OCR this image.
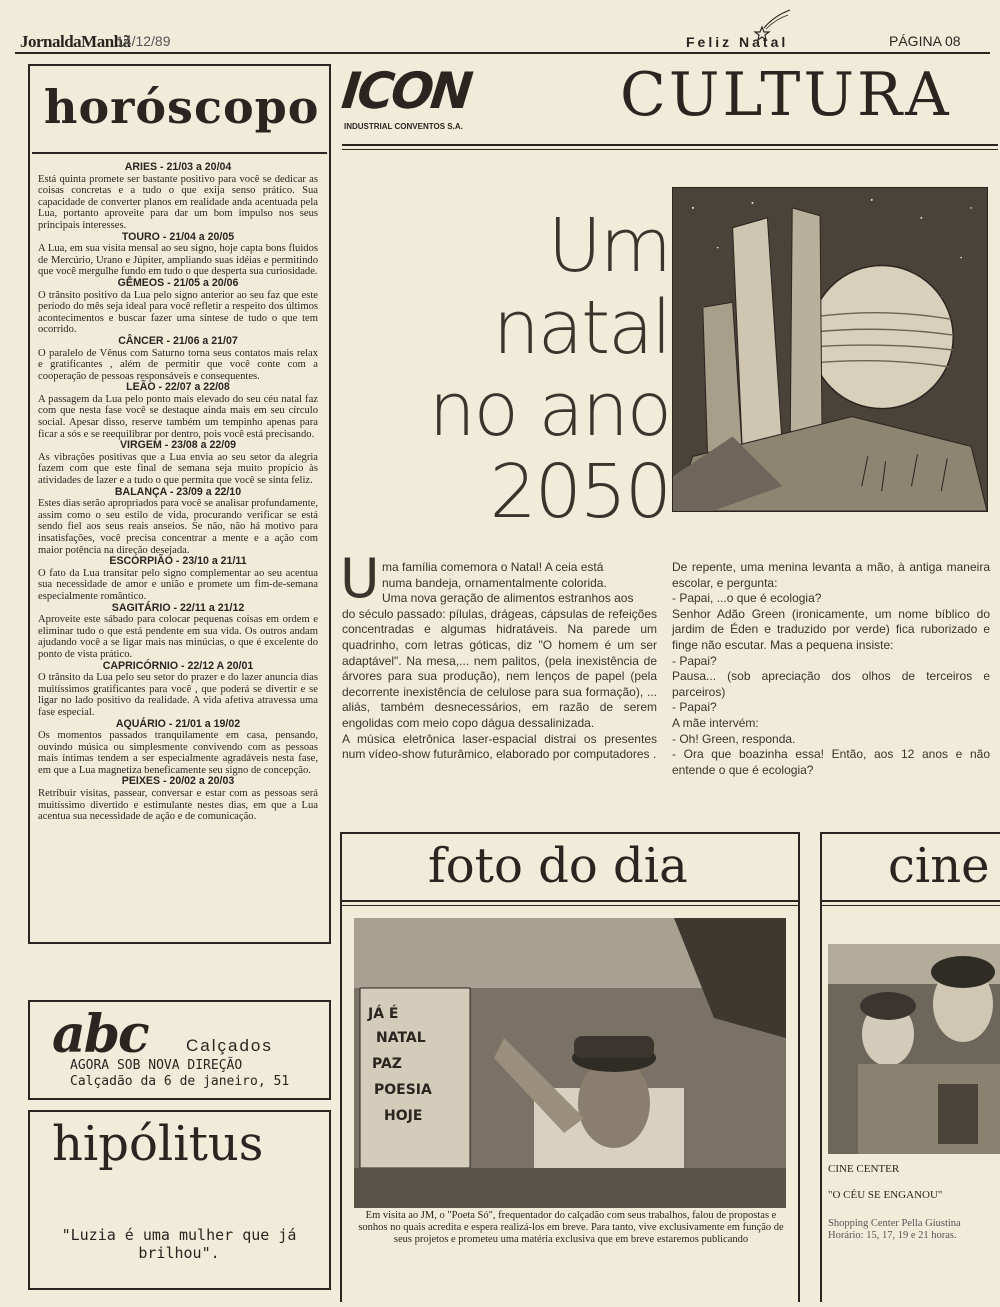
JornaldaManhã
14/12/89	Feliz Natal	PÁGINA 08
horóscopo
ÁRIES - 21/03 a 20/04
Está quinta promete ser bastante positivo para você se dedicar as coisas concretas e a tudo o que exija senso prático. Sua capacidade de converter planos em realidade anda acentuada pela Lua, portanto aproveite para dar um bom impulso nos seus principais interesses.
TOURO - 21/04 a 20/05
A Lua, em sua visita mensal ao seu signo, hoje capta bons fluidos de Mercúrio, Urano e Júpiter, ampliando suas idéias e permitindo que você mergulhe fundo em tudo o que desperta sua curiosidade.
GÊMEOS - 21/05 a 20/06
O trânsito positivo da Lua pelo signo anterior ao seu faz que este período do mês seja ideal para você refletir a respeito dos últimos acontecimentos e buscar fazer uma síntese de tudo o que tem ocorrido.
CÂNCER - 21/06 a 21/07
O paralelo de Vênus com Saturno torna seus contatos mais relax e gratificantes , além de permitir que você conte com a cooperação de pessoas responsáveis e consequentes.
LEÃO - 22/07 a 22/08
A passagem da Lua pelo ponto mais elevado do seu céu natal faz com que nesta fase você se destaque ainda mais em seu círculo social. Apesar disso, reserve também um tempinho apenas para ficar a sós e se reequilibrar por dentro, pois você está precisando.
VIRGEM - 23/08 a 22/09
As vibrações positivas que a Lua envia ao seu setor da alegria fazem com que este final de semana seja muito propício às atividades de lazer e a tudo o que permita que você se sinta feliz.
BALANÇA - 23/09 a 22/10
Estes dias serão apropriados para você se analisar profundamente, assim como o seu estilo de vida, procurando verificar se está sendo fiel aos seus reais anseios. Se não, não há motivo para insatisfações, você precisa concentrar a mente e a ação com maior potência na direção desejada.
ESCORPIÃO - 23/10 a 21/11
O fato da Lua transitar pelo signo complementar ao seu acentua sua necessidade de amor e união e promete um fim-de-semana especialmente romântico.
SAGITÁRIO - 22/11 a 21/12
Aproveite este sábado para colocar pequenas coisas em ordem e eliminar tudo o que está pendente em sua vida. Os outros andam ajudando você a se ligar mais nas minúcias, o que é excelente do ponto de vista prático.
CAPRICÓRNIO - 22/12 A 20/01
O trânsito da Lua pelo seu setor do prazer e do lazer anuncia dias muitíssimos gratificantes para você , que poderá se divertir e se ligar no lado positivo da realidade. A vida afetiva atravessa uma fase especial.
AQUÁRIO - 21/01 a 19/02
Os momentos passados tranquilamente em casa, pensando, ouvindo música ou simplesmente convivendo com as pessoas mais íntimas tendem a ser especialmente agradáveis nesta fase, em que a Lua magnetiza beneficamente seu signo de concepção.
PEIXES - 20/02 a 20/03
Retribuir visitas, passear, conversar e estar com as pessoas será muitíssimo divertido e estimulante nestes dias, em que a Lua acentua sua necessidade de ação e de comunicação.
abc Calçados
AGORA SOB NOVA DIREÇÃO
Calçadão da 6 de janeiro, 51
hipólitus
"Luzia é uma mulher que já brilhou".
ICON
INDUSTRIAL CONVENTOS S.A.	CULTURA
Um
natal
no ano
2050
U ma família comemora o Natal! A ceia está
numa bandeja, ornamentalmente colorida.
Uma nova geração de alimentos estranhos aos
do século passado: pílulas, drágeas, cápsulas de refeições concentradas e algumas hidratáveis. Na parede um quadrinho, com letras góticas, diz "O homem é um ser adaptável". Na mesa,... nem palitos, (pela inexistência de árvores para sua produção), nem lenços de papel (pela decorrente inexistência de celulose para sua formação), ... aliás, também desnecessários, em razão de serem engolidas com meio copo dágua dessalinizada.
A música eletrônica laser-espacial distrai os presentes num vídeo-show futurâmico, elaborado por computadores .
De repente, uma menina levanta a mão, à antiga maneira escolar, e pergunta:
- Papai, ...o que é ecologia?
Senhor Adão Green (ironicamente, um nome bíblico do jardim de Éden e traduzido por verde) fica ruborizado e finge não escutar. Mas a pequena insiste:
- Papai?
Pausa... (sob apreciação dos olhos de terceiros e parceiros)
- Papai?
A mãe intervém:
- Oh! Green, responda.
- Ora que boazinha essa! Então, aos 12 anos e não entende o que é ecologia?
foto do dia
JÁ É
NATAL
PAZ
POESIA
HOJE
Em visita ao JM, o "Poeta Só", frequentador do calçadão com seus trabalhos, falou de propostas e sonhos no quais acredita e espera realizá-los em breve. Para tanto, vive exclusivamente em função de seus projetos e prometeu uma matéria exclusiva que em breve estaremos publicando
cine
CINE CENTER
"O CÉU SE ENGANOU"
Shopping Center Pella Giustina Horário: 15, 17, 19 e 21 horas.
